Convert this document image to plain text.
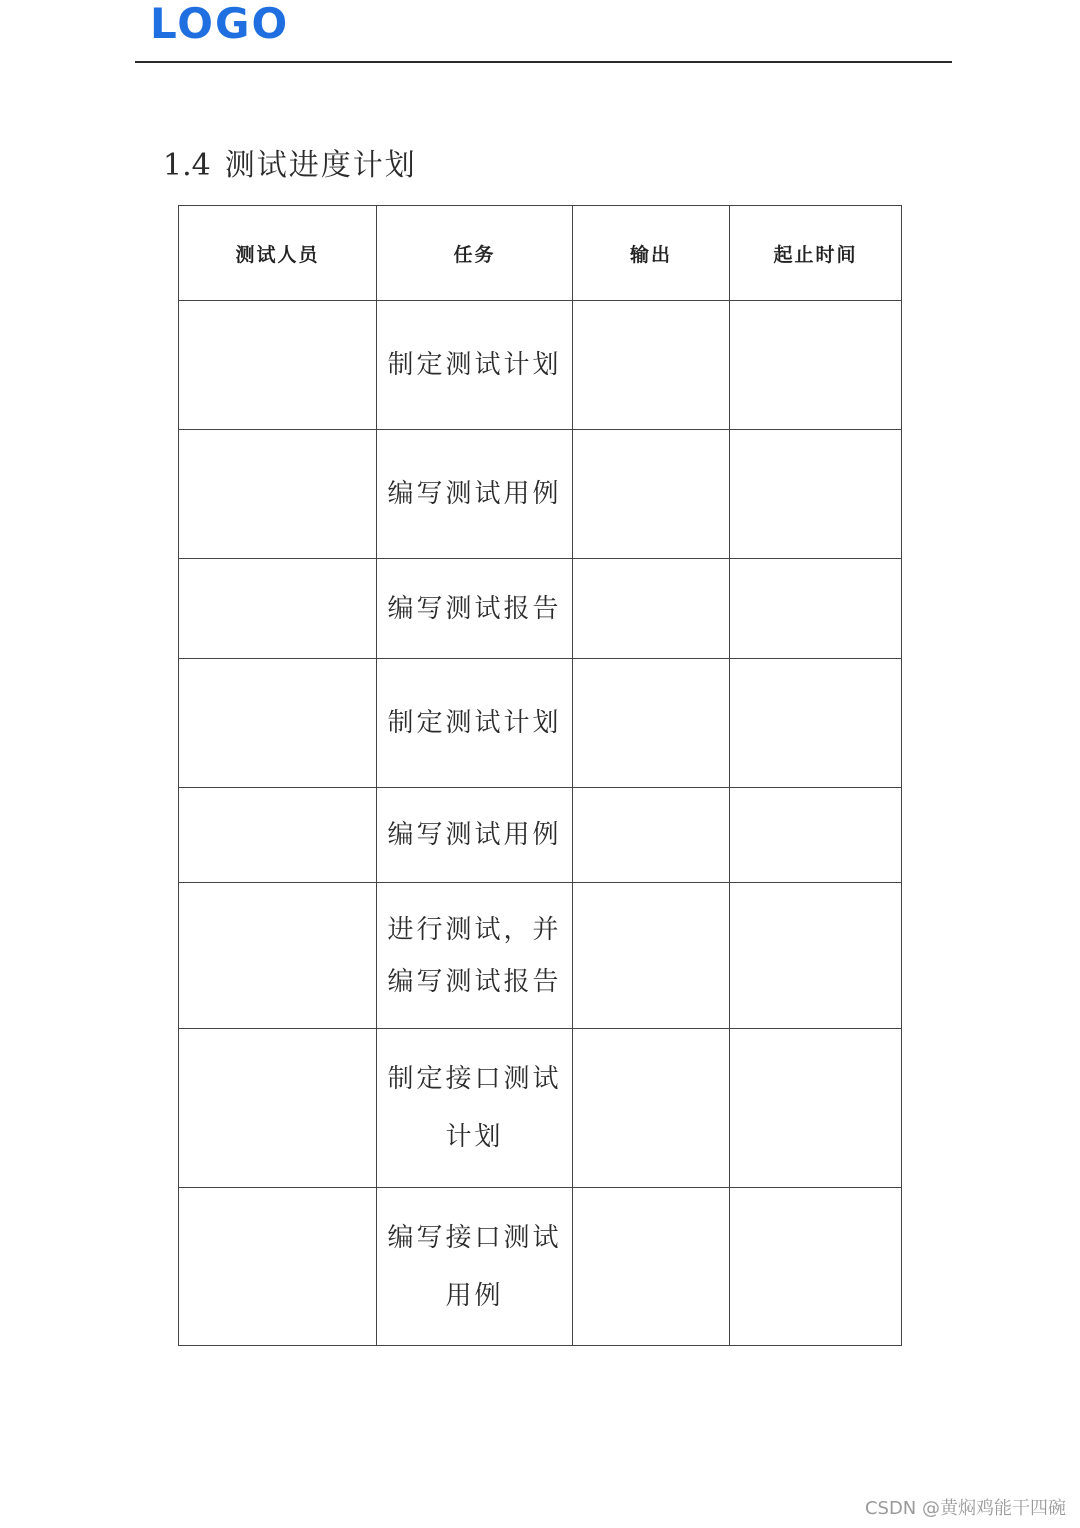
LOGO
1.4 测试进度计划
测试人员	任务	输出	起止时间
	制定测试计划		
	编写测试用例		
	编写测试报告		
	制定测试计划		
	编写测试用例		
	进行测试，并编写测试报告		
	制定接口测试计划		
	编写接口测试用例		
CSDN @黄焖鸡能干四碗
